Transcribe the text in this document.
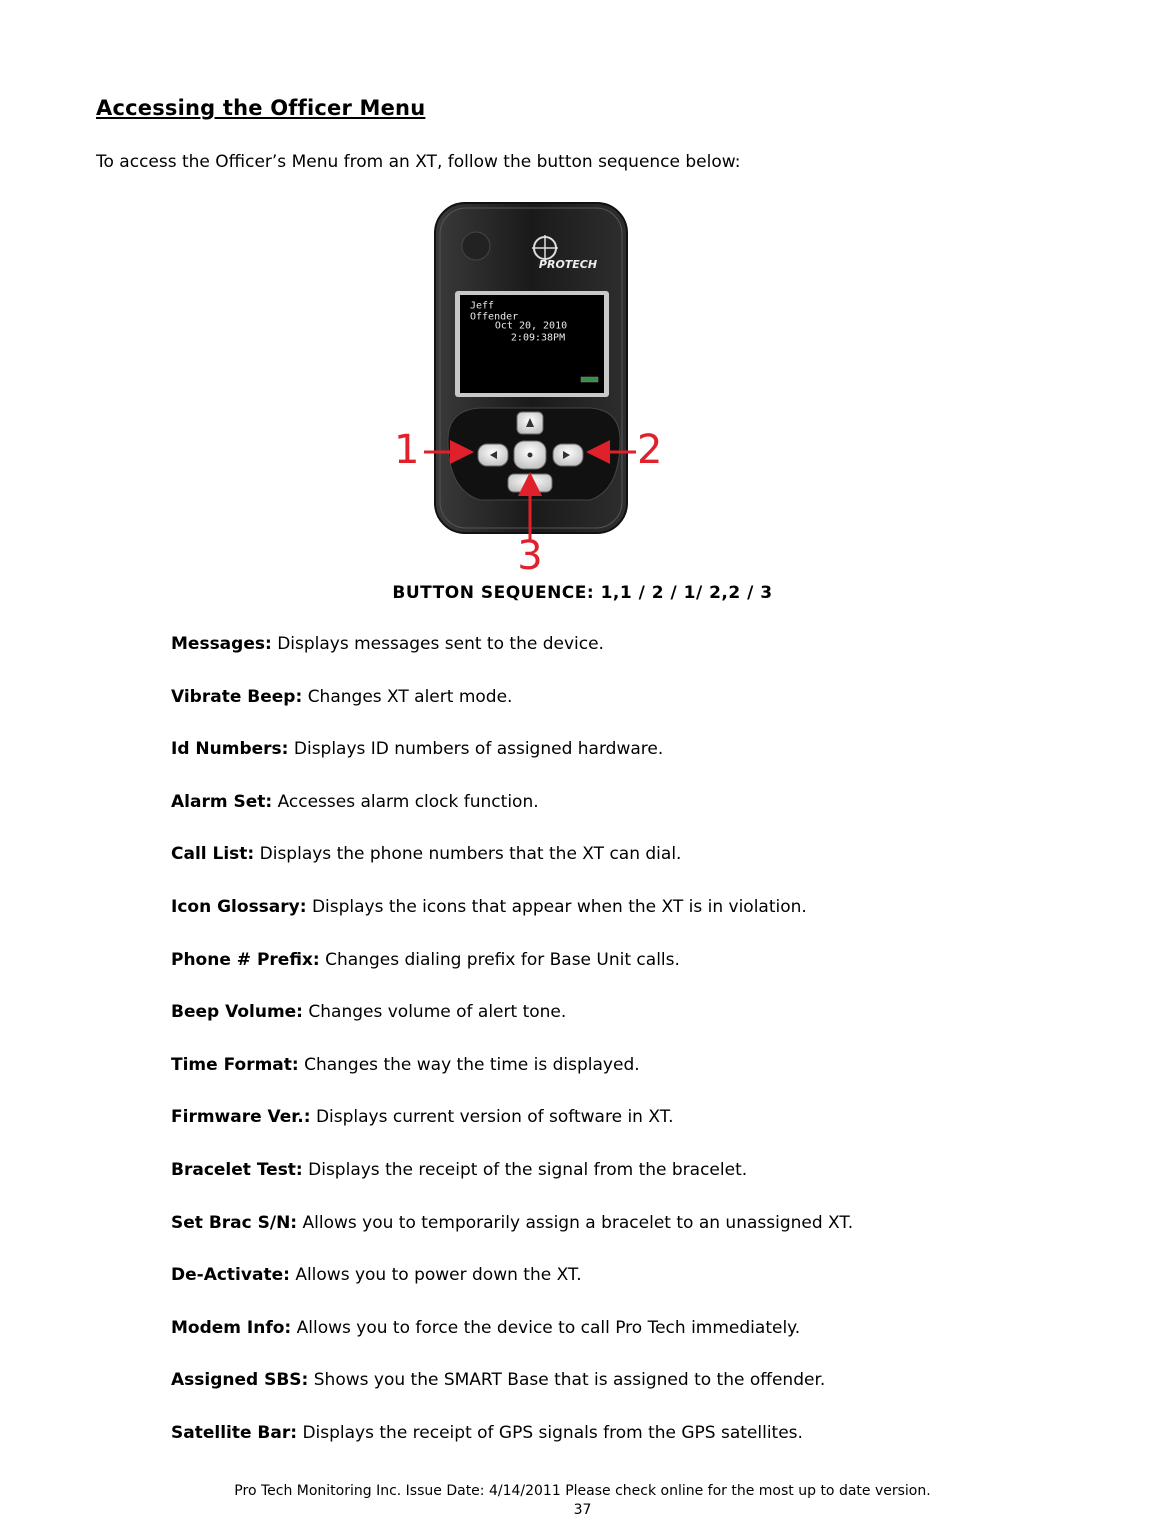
Accessing the Officer Menu
To access the Officer’s Menu from an XT, follow the button sequence below:
PROTECH
Jeff
Offender
Oct 20, 2010
2:09:38PM
1	2
3
BUTTON SEQUENCE: 1,1 / 2 / 1/ 2,2 / 3
Messages: Displays messages sent to the device.
Vibrate Beep: Changes XT alert mode.
Id Numbers: Displays ID numbers of assigned hardware.
Alarm Set: Accesses alarm clock function.
Call List: Displays the phone numbers that the XT can dial.
Icon Glossary: Displays the icons that appear when the XT is in violation.
Phone # Prefix: Changes dialing prefix for Base Unit calls.
Beep Volume: Changes volume of alert tone.
Time Format: Changes the way the time is displayed.
Firmware Ver.: Displays current version of software in XT.
Bracelet Test: Displays the receipt of the signal from the bracelet.
Set Brac S/N: Allows you to temporarily assign a bracelet to an unassigned XT.
De-Activate: Allows you to power down the XT.
Modem Info: Allows you to force the device to call Pro Tech immediately.
Assigned SBS: Shows you the SMART Base that is assigned to the offender.
Satellite Bar: Displays the receipt of GPS signals from the GPS satellites.
Pro Tech Monitoring Inc. Issue Date: 4/14/2011 Please check online for the most up to date version.
37
